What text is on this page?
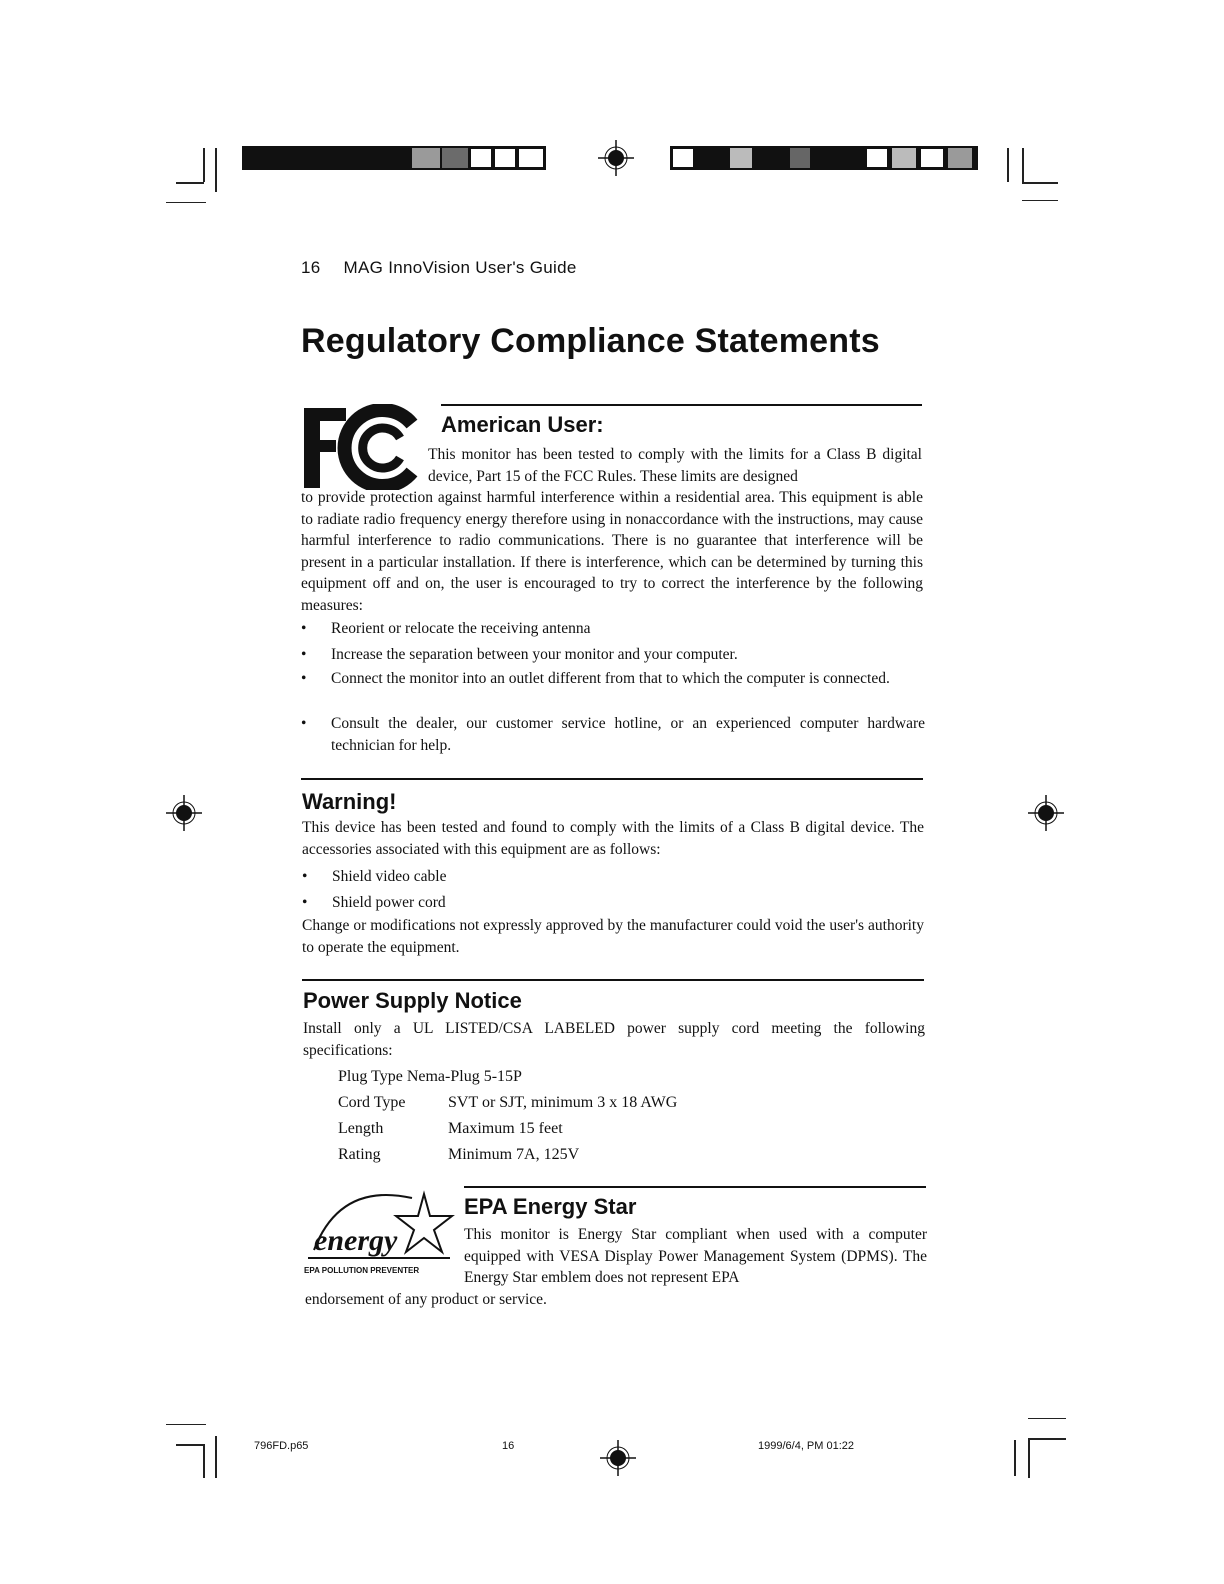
16 MAG InnoVision User's Guide
Regulatory Compliance Statements
American User:

This monitor has been tested to comply with the limits for a Class B digital device, Part 15 of the FCC Rules. These limits are designed

to provide protection against harmful interference within a residential area. This equipment is able to radiate radio frequency energy therefore using in nonaccordance with the instructions, may cause harmful interference to radio communications. There is no guarantee that interference will be present in a particular installation. If there is interference, which can be determined by turning this equipment off and on, the user is encouraged to try to correct the interference by the following measures:

• Reorient or relocate the receiving antenna
• Increase the separation between your monitor and your computer.
• Connect the monitor into an outlet different from that to which the computer is connected.
• Consult the dealer, our customer service hotline, or an experienced computer hardware technician for help.
Warning!

This device has been tested and found to comply with the limits of a Class B digital device. The accessories associated with this equipment are as follows:

• Shield video cable
• Shield power cord

Change or modifications not expressly approved by the manufacturer could void the user's authority to operate the equipment.

Power Supply Notice

Install only a UL LISTED/CSA LABELED power supply cord meeting the following specifications:

Plug Type Nema-Plug 5-15P
Cord Type	SVT or SJT, minimum 3 x 18 AWG
Length	Maximum 15 feet
Rating	Minimum 7A, 125V
energy
EPA POLLUTION PREVENTER
EPA Energy Star

This monitor is Energy Star compliant when used with a computer equipped with VESA Display Power Management System (DPMS). The Energy Star emblem does not represent EPA

endorsement of any product or service.

796FD.p65	16	1999/6/4, PM 01:22
